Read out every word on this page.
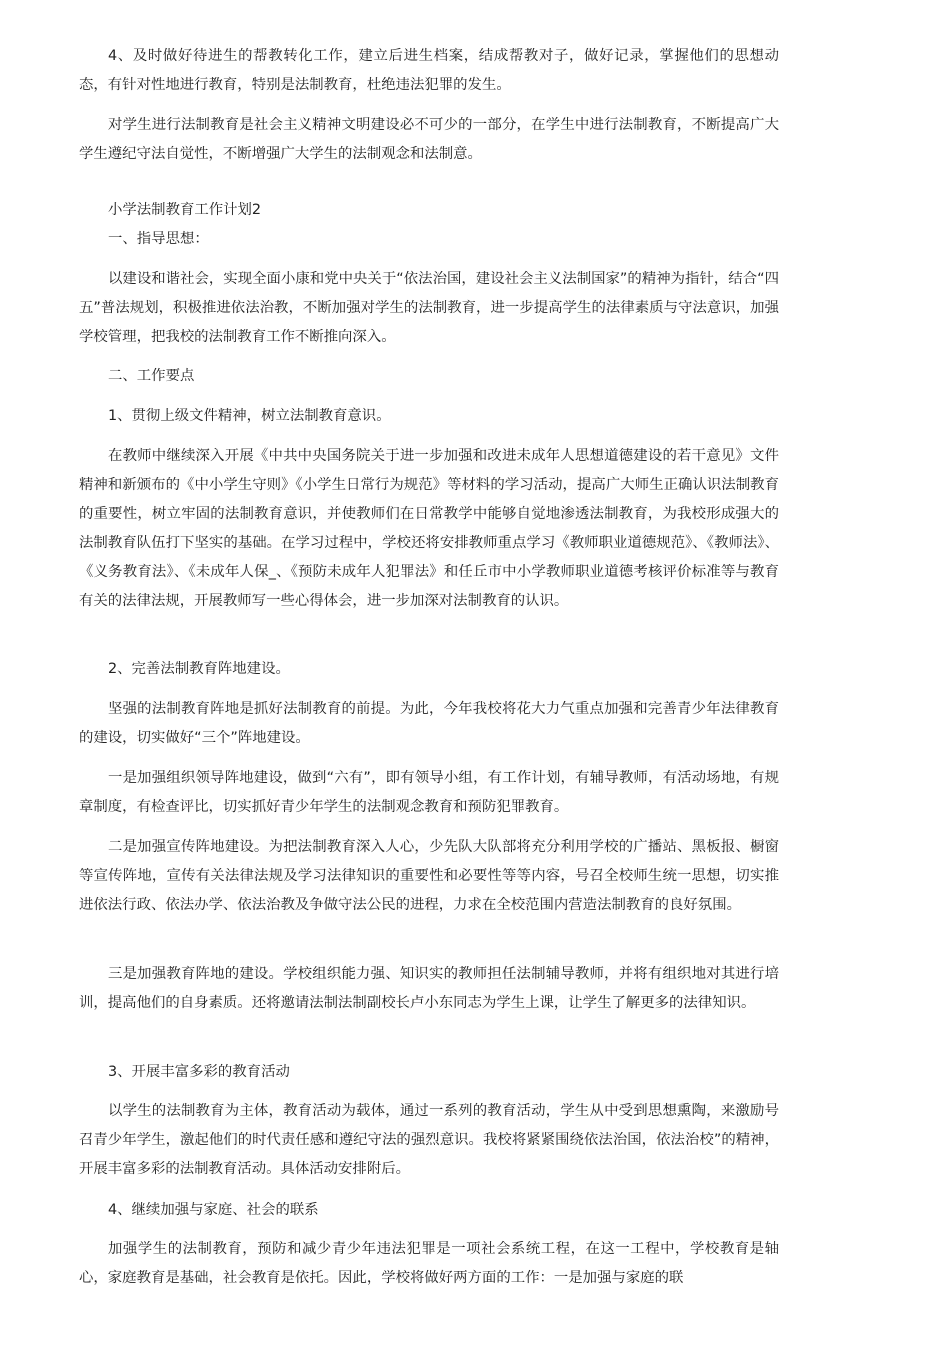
4、及时做好待进生的帮教转化工作，建立后进生档案，结成帮教对子，做好记录，掌握他们的思想动态，有针对性地进行教育，特别是法制教育，杜绝违法犯罪的发生。

对学生进行法制教育是社会主义精神文明建设必不可少的一部分，在学生中进行法制教育，不断提高广大学生遵纪守法自觉性，不断增强广大学生的法制观念和法制意。

小学法制教育工作计划2

一、指导思想：

以建设和谐社会，实现全面小康和党中央关于“依法治国，建设社会主义法制国家”的精神为指针，结合“四五”普法规划，积极推进依法治教，不断加强对学生的法制教育，进一步提高学生的法律素质与守法意识，加强学校管理，把我校的法制教育工作不断推向深入。

二、工作要点

1、贯彻上级文件精神，树立法制教育意识。

在教师中继续深入开展《中共中央国务院关于进一步加强和改进未成年人思想道德建设的若干意见》文件精神和新颁布的《中小学生守则》《小学生日常行为规范》等材料的学习活动，提高广大师生正确认识法制教育的重要性，树立牢固的法制教育意识，并使教师们在日常教学中能够自觉地渗透法制教育，为我校形成强大的法制教育队伍打下坚实的基础。在学习过程中，学校还将安排教师重点学习《教师职业道德规范》、《教师法》、《义务教育法》、《未成年人保_、《预防未成年人犯罪法》和任丘市中小学教师职业道德考核评价标准等与教育有关的法律法规，开展教师写一些心得体会，进一步加深对法制教育的认识。

2、完善法制教育阵地建设。

坚强的法制教育阵地是抓好法制教育的前提。为此，今年我校将花大力气重点加强和完善青少年法律教育的建设，切实做好“三个”阵地建设。

一是加强组织领导阵地建设，做到“六有”，即有领导小组，有工作计划，有辅导教师，有活动场地，有规章制度，有检查评比，切实抓好青少年学生的法制观念教育和预防犯罪教育。

二是加强宣传阵地建设。为把法制教育深入人心，少先队大队部将充分利用学校的广播站、黑板报、橱窗等宣传阵地，宣传有关法律法规及学习法律知识的重要性和必要性等等内容，号召全校师生统一思想，切实推进依法行政、依法办学、依法治教及争做守法公民的进程，力求在全校范围内营造法制教育的良好氛围。

三是加强教育阵地的建设。学校组织能力强、知识实的教师担任法制辅导教师，并将有组织地对其进行培训，提高他们的自身素质。还将邀请法制法制副校长卢小东同志为学生上课，让学生了解更多的法律知识。

3、开展丰富多彩的教育活动

以学生的法制教育为主体，教育活动为载体，通过一系列的教育活动，学生从中受到思想熏陶，来激励号召青少年学生，激起他们的时代责任感和遵纪守法的强烈意识。我校将紧紧围绕依法治国，依法治校”的精神，开展丰富多彩的法制教育活动。具体活动安排附后。

4、继续加强与家庭、社会的联系

加强学生的法制教育，预防和减少青少年违法犯罪是一项社会系统工程，在这一工程中，学校教育是轴心，家庭教育是基础，社会教育是依托。因此，学校将做好两方面的工作：一是加强与家庭的联
